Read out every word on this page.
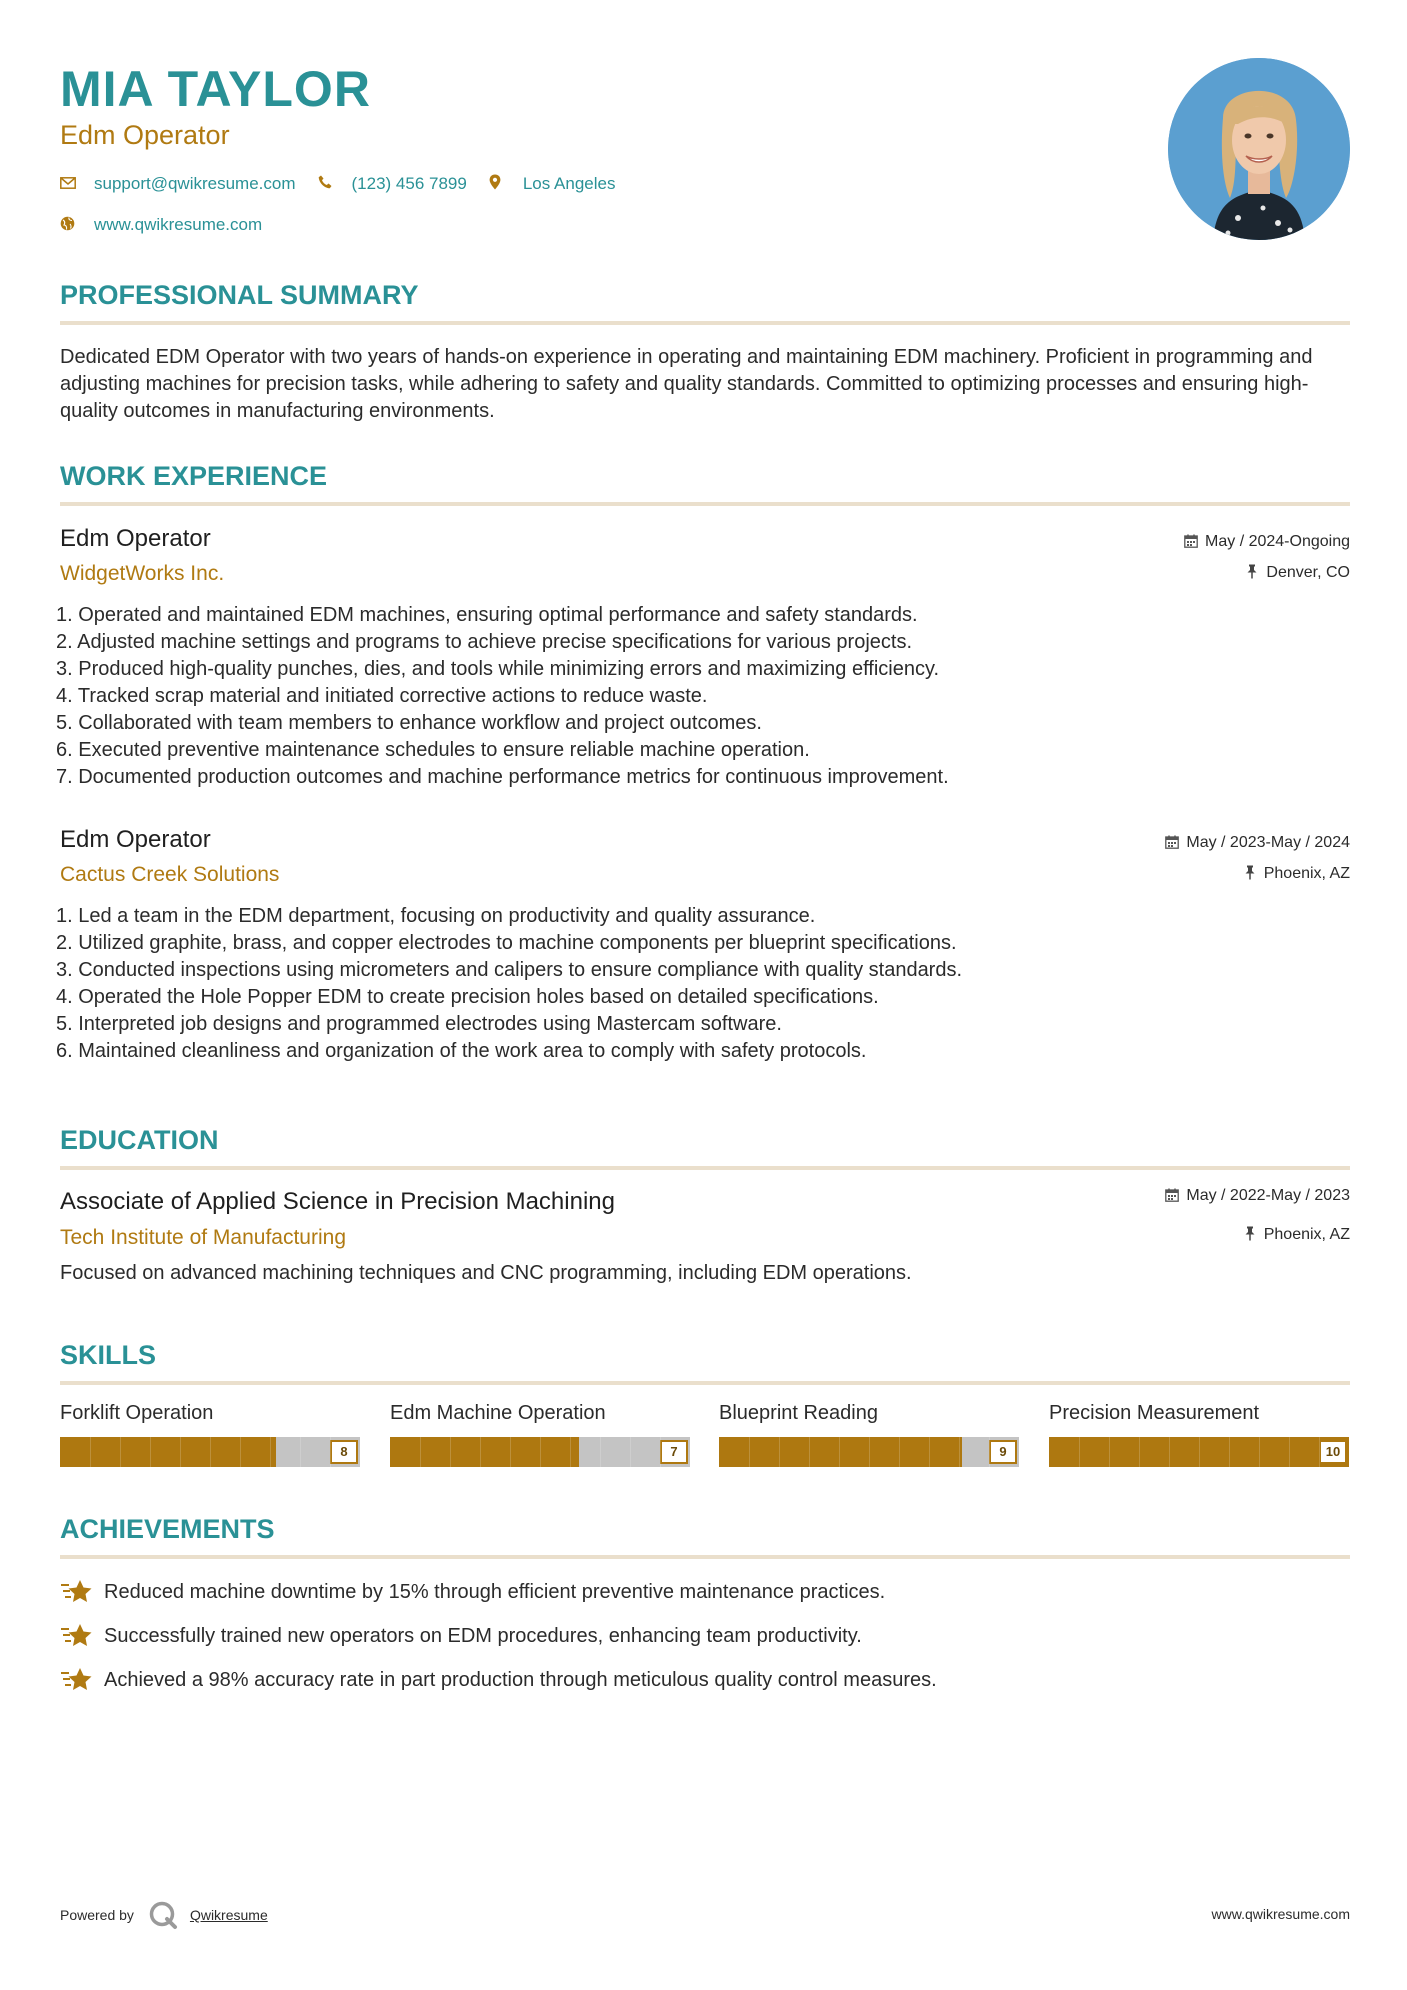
MIA TAYLOR
Edm Operator
support@qwikresume.com	(123) 456 7899	Los Angeles
www.qwikresume.com
PROFESSIONAL SUMMARY
Dedicated EDM Operator with two years of hands-on experience in operating and maintaining EDM machinery. Proficient in programming and adjusting machines for precision tasks, while adhering to safety and quality standards. Committed to optimizing processes and ensuring high-quality outcomes in manufacturing environments.
WORK EXPERIENCE
Edm Operator
WidgetWorks Inc.
May / 2024-Ongoing
Denver, CO
1. Operated and maintained EDM machines, ensuring optimal performance and safety standards.
2. Adjusted machine settings and programs to achieve precise specifications for various projects.
3. Produced high-quality punches, dies, and tools while minimizing errors and maximizing efficiency.
4. Tracked scrap material and initiated corrective actions to reduce waste.
5. Collaborated with team members to enhance workflow and project outcomes.
6. Executed preventive maintenance schedules to ensure reliable machine operation.
7. Documented production outcomes and machine performance metrics for continuous improvement.
Edm Operator
Cactus Creek Solutions
May / 2023-May / 2024
Phoenix, AZ
1. Led a team in the EDM department, focusing on productivity and quality assurance.
2. Utilized graphite, brass, and copper electrodes to machine components per blueprint specifications.
3. Conducted inspections using micrometers and calipers to ensure compliance with quality standards.
4. Operated the Hole Popper EDM to create precision holes based on detailed specifications.
5. Interpreted job designs and programmed electrodes using Mastercam software.
6. Maintained cleanliness and organization of the work area to comply with safety protocols.
EDUCATION
Associate of Applied Science in Precision Machining
Tech Institute of Manufacturing
May / 2022-May / 2023
Phoenix, AZ
Focused on advanced machining techniques and CNC programming, including EDM operations.
SKILLS
Forklift Operation
8
Edm Machine Operation
7
Blueprint Reading
9
Precision Measurement
10
ACHIEVEMENTS
Reduced machine downtime by 15% through efficient preventive maintenance practices.
Successfully trained new operators on EDM procedures, enhancing team productivity.
Achieved a 98% accuracy rate in part production through meticulous quality control measures.
Powered by	Qwikresume	www.qwikresume.com
